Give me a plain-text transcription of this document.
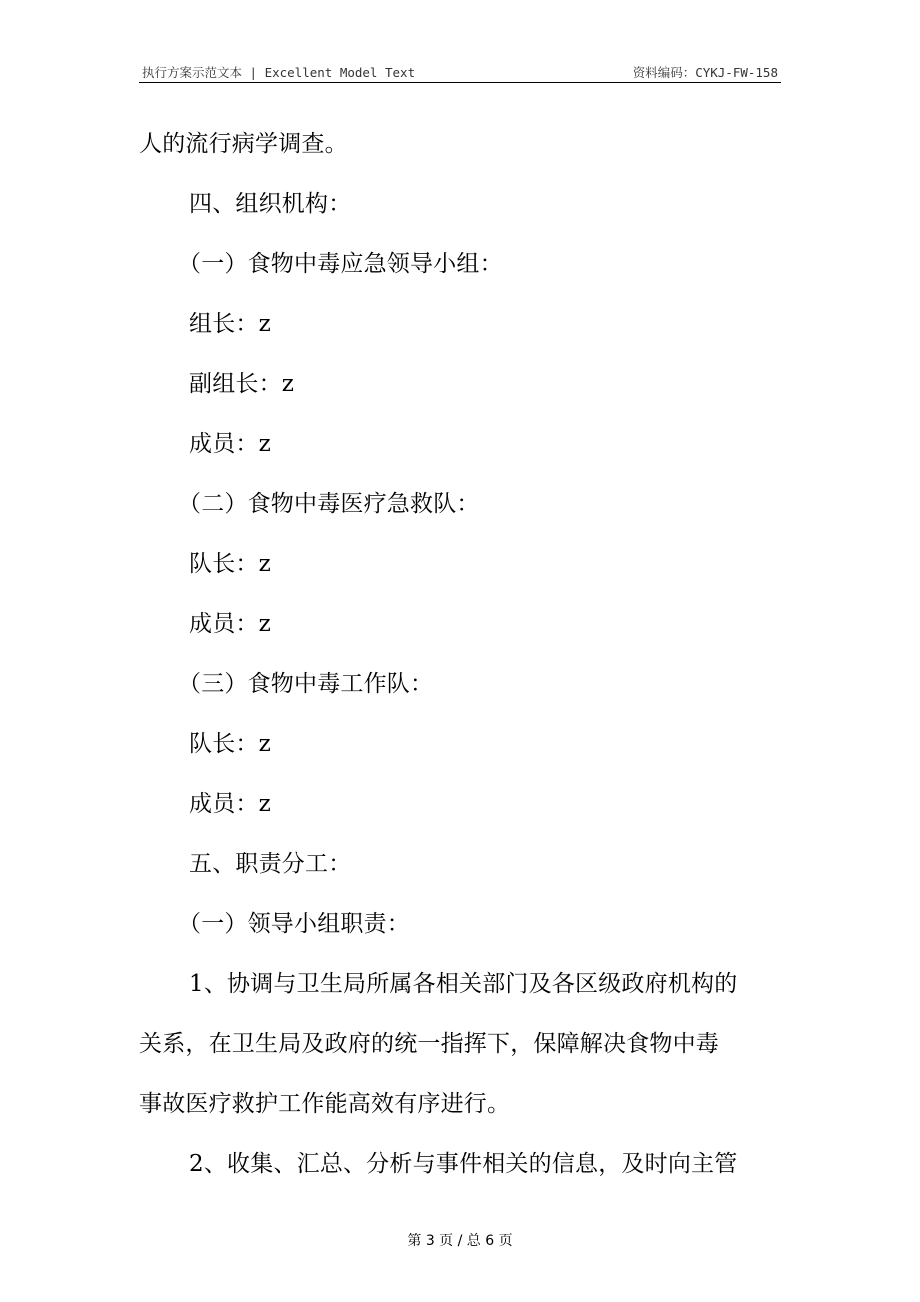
执行方案示范文本 | Excellent Model Text	资料编码：CYKJ-FW-158
人的流行病学调查。
四、组织机构：
（一）食物中毒应急领导小组：
组长：z
副组长：z
成员：z
（二）食物中毒医疗急救队：
队长：z
成员：z
（三）食物中毒工作队：
队长：z
成员：z
五、职责分工：
（一）领导小组职责：
1、协调与卫生局所属各相关部门及各区级政府机构的
关系，在卫生局及政府的统一指挥下，保障解决食物中毒
事故医疗救护工作能高效有序进行。
2、收集、汇总、分析与事件相关的信息，及时向主管
第 3 页 / 总 6 页
